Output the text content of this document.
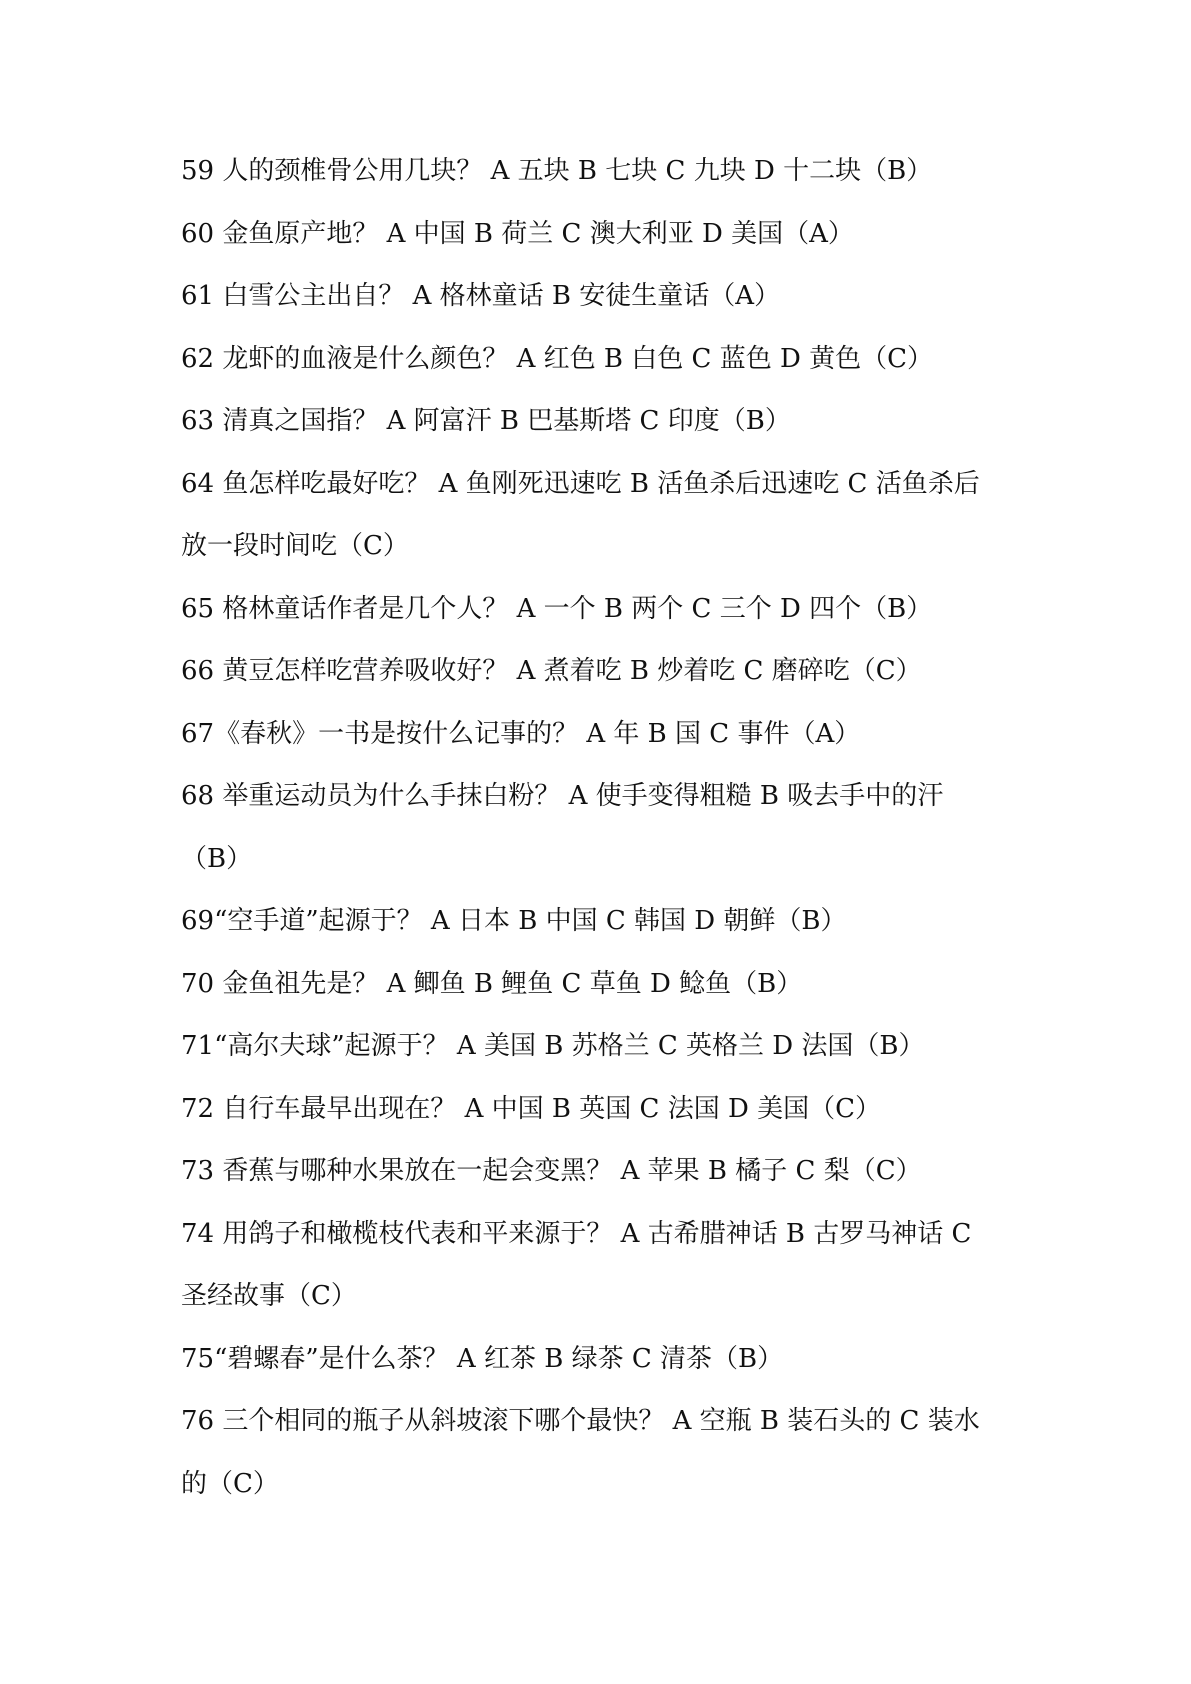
59 人的颈椎骨公用几块？ A 五块 B 七块 C 九块 D 十二块（B）
60 金鱼原产地？ A 中国 B 荷兰 C 澳大利亚 D 美国（A）
61 白雪公主出自？ A 格林童话 B 安徒生童话（A）
62 龙虾的血液是什么颜色？ A 红色 B 白色 C 蓝色 D 黄色（C）
63 清真之国指？ A 阿富汗 B 巴基斯塔 C 印度（B）
64 鱼怎样吃最好吃？ A 鱼刚死迅速吃 B 活鱼杀后迅速吃 C 活鱼杀后
放一段时间吃（C）
65 格林童话作者是几个人？ A 一个 B 两个 C 三个 D 四个（B）
66 黄豆怎样吃营养吸收好？ A 煮着吃 B 炒着吃 C 磨碎吃（C）
67《春秋》一书是按什么记事的？ A 年 B 国 C 事件（A）
68 举重运动员为什么手抹白粉？ A 使手变得粗糙 B 吸去手中的汗
（B）
69“空手道”起源于？ A 日本 B 中国 C 韩国 D 朝鲜（B）
70 金鱼祖先是？ A 鲫鱼 B 鲤鱼 C 草鱼 D 鲶鱼（B）
71“高尔夫球”起源于？ A 美国 B 苏格兰 C 英格兰 D 法国（B）
72 自行车最早出现在？ A 中国 B 英国 C 法国 D 美国（C）
73 香蕉与哪种水果放在一起会变黑？ A 苹果 B 橘子 C 梨（C）
74 用鸽子和橄榄枝代表和平来源于？ A 古希腊神话 B 古罗马神话 C
圣经故事（C）
75“碧螺春”是什么茶？ A 红茶 B 绿茶 C 清茶（B）
76 三个相同的瓶子从斜坡滚下哪个最快？ A 空瓶 B 装石头的 C 装水
的（C）
